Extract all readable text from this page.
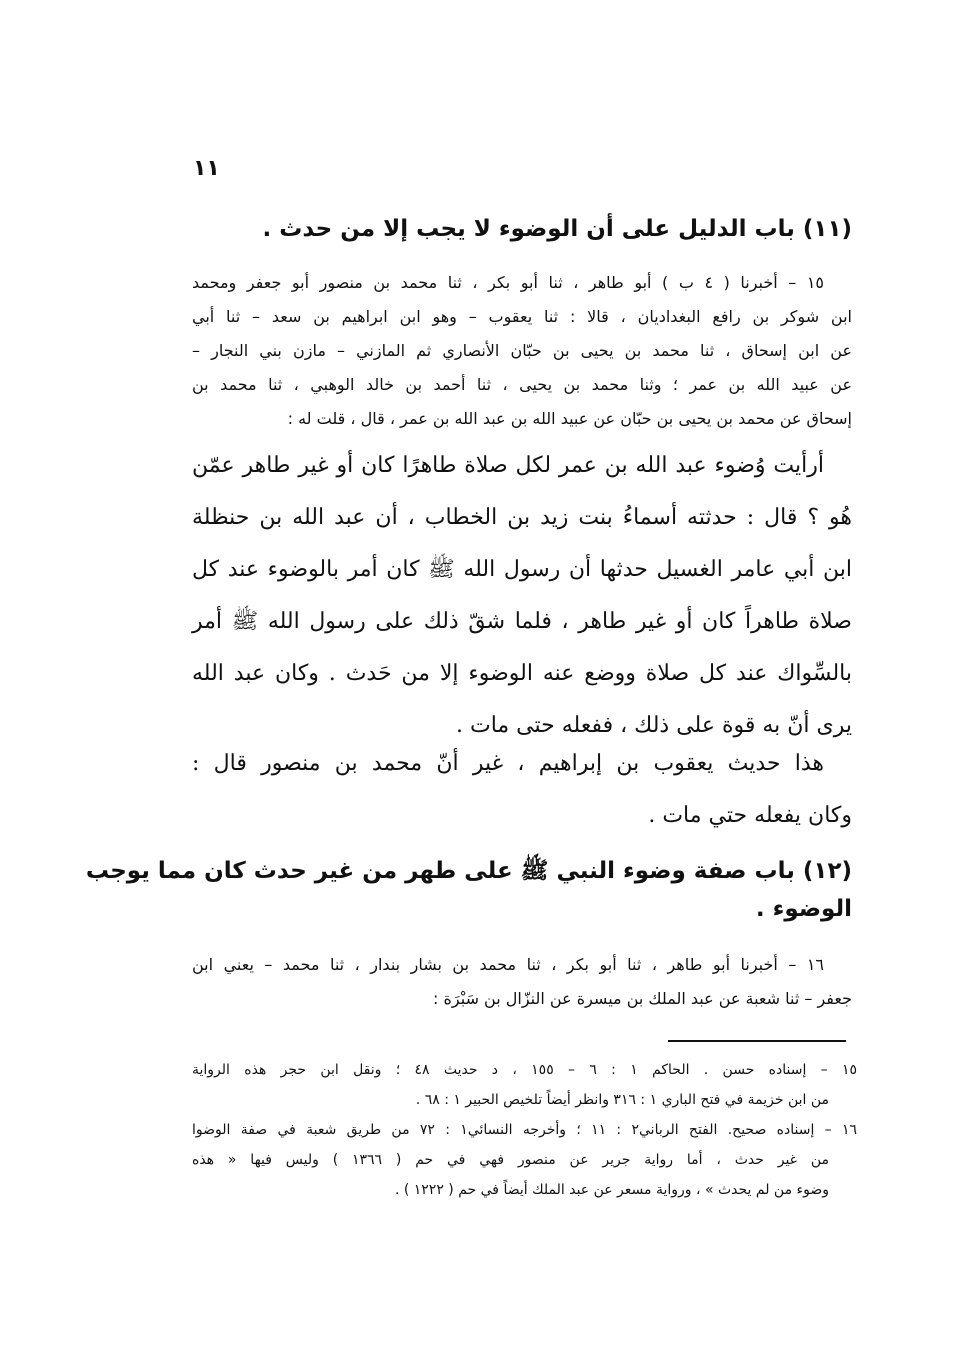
١١
(١١) باب الدليل على أن الوضوء لا يجب إلا من حدث .
١٥ – أخبرنا ( ٤ ب ) أبو طاهر ، ثنا أبو بكر ، ثنا محمد بن منصور أبو جعفر ومحمد
ابن شوكر بن رافع البغداديان ، قالا : ثنا يعقوب – وهو ابن ابراهيم بن سعد – ثنا أبي
عن ابن إسحاق ، ثنا محمد بن يحيى بن حبّان الأنصاري ثم المازني – مازن بني النجار –
عن عبيد الله بن عمر ؛ وثنا محمد بن يحيى ، ثنا أحمد بن خالد الوهبي ، ثنا محمد بن
إسحاق عن محمد بن يحيى بن حبّان عن عبيد الله بن عبد الله بن عمر ، قال ، قلت له :
أرأيت وُضوء عبد الله بن عمر لكل صلاة طاهرًا كان أو غير طاهر عمّن
هُو ؟ قال : حدثته أسماءُ بنت زيد بن الخطاب ، أن عبد الله بن حنظلة
ابن أبي عامر الغسيل حدثها أن رسول الله ﷺ كان أمر بالوضوء عند كل
صلاة طاهراً كان أو غير طاهر ، فلما شقّ ذلك على رسول الله ﷺ أمر
بالسِّواك عند كل صلاة ووضع عنه الوضوء إلا من حَدث . وكان عبد الله
يرى أنّ به قوة على ذلك ، ففعله حتى مات .
هذا حديث يعقوب بن إبراهيم ، غير أنّ محمد بن منصور قال :
وكان يفعله حتي مات .
(١٢) باب صفة وضوء النبي ﷺ على طهر من غير حدث كان مما يوجب
الوضوء .
١٦ – أخبرنا أبو طاهر ، ثنا أبو بكر ، ثنا محمد بن بشار بندار ، ثنا محمد – يعني ابن
جعفر – ثنا شعبة عن عبد الملك بن ميسرة عن النزّال بن سَبْرَة :
١٥ – إسناده حسن . الحاكم ١ : ٦ – ١٥٥ ، د حديث ٤٨ ؛ ونقل ابن حجر هذه الرواية
من ابن خزيمة في فتح الباري ١ : ٣١٦ وانظر أيضاً تلخيص الحبير ١ : ٦٨ .
١٦ – إسناده صحيح. الفتح الرباني٢ : ١١ ؛ وأخرجه النسائي١ : ٧٢ من طريق شعبة في صفة الوضوا
من غير حدث ، أما رواية جرير عن منصور فهي في حم ( ١٣٦٦ ) وليس فيها « هذه
وضوء من لم يحدث » ، ورواية مسعر عن عبد الملك أيضاً في حم ( ١٢٢٢ ) .
